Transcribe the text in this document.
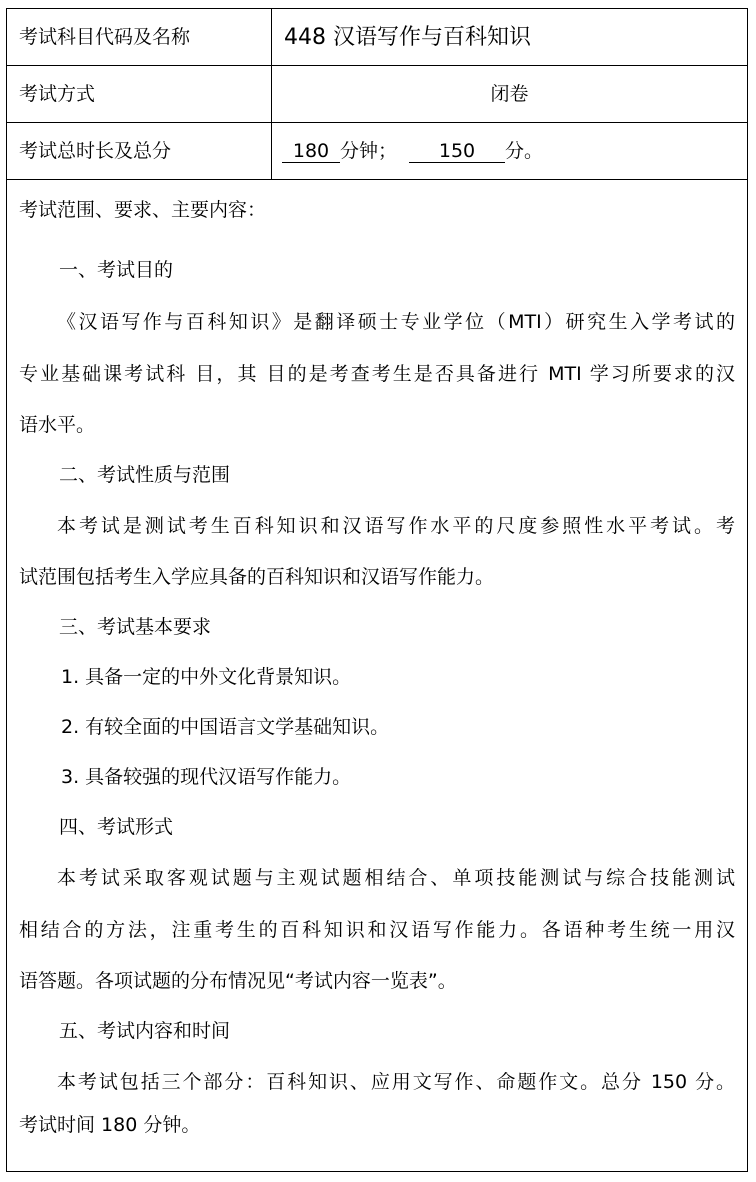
考试科目代码及名称	448 汉语写作与百科知识
考试方式	闭卷
考试总时长及总分	180 分钟； 150 分。
考试范围、要求、主要内容：
一、考试目的
《汉语写作与百科知识》是翻译硕士专业学位（MTI）研究生入学考试的
专业基础课考试科 目，其 目的是考查考生是否具备进行 MTI 学习所要求的汉
语水平。
二、考试性质与范围
本考试是测试考生百科知识和汉语写作水平的尺度参照性水平考试。考
试范围包括考生入学应具备的百科知识和汉语写作能力。
三、考试基本要求
1. 具备一定的中外文化背景知识。
2. 有较全面的中国语言文学基础知识。
3. 具备较强的现代汉语写作能力。
四、考试形式
本考试采取客观试题与主观试题相结合、单项技能测试与综合技能测试
相结合的方法，注重考生的百科知识和汉语写作能力。各语种考生统一用汉
语答题。各项试题的分布情况见“考试内容一览表”。
五、考试内容和时间
本考试包括三个部分：百科知识、应用文写作、命题作文。总分 150 分。
考试时间 180 分钟。
